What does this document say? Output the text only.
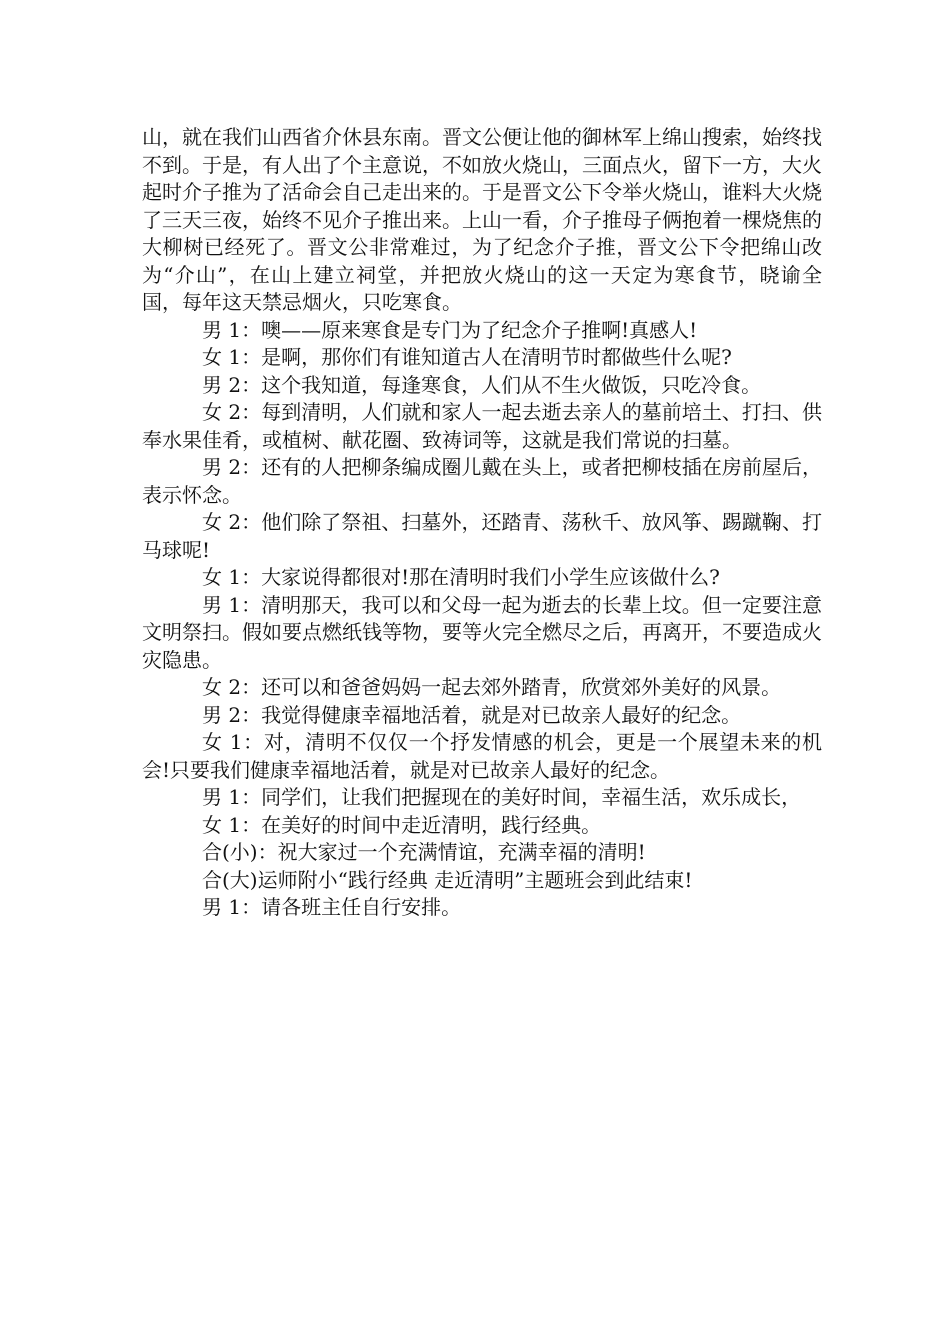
山，就在我们山西省介休县东南。晋文公便让他的御林军上绵山搜索，始终找不到。于是，有人出了个主意说，不如放火烧山，三面点火，留下一方，大火起时介子推为了活命会自己走出来的。于是晋文公下令举火烧山，谁料大火烧了三天三夜，始终不见介子推出来。上山一看，介子推母子俩抱着一棵烧焦的大柳树已经死了。晋文公非常难过，为了纪念介子推，晋文公下令把绵山改为“介山”，在山上建立祠堂，并把放火烧山的这一天定为寒食节，晓谕全国，每年这天禁忌烟火，只吃寒食。

男 1：噢——原来寒食是专门为了纪念介子推啊!真感人!

女 1：是啊，那你们有谁知道古人在清明节时都做些什么呢?

男 2：这个我知道，每逢寒食，人们从不生火做饭，只吃冷食。

女 2：每到清明，人们就和家人一起去逝去亲人的墓前培土、打扫、供奉水果佳肴，或植树、献花圈、致祷词等，这就是我们常说的扫墓。

男 2：还有的人把柳条编成圈儿戴在头上，或者把柳枝插在房前屋后，表示怀念。

女 2：他们除了祭祖、扫墓外，还踏青、荡秋千、放风筝、踢蹴鞠、打马球呢!

女 1：大家说得都很对!那在清明时我们小学生应该做什么?

男 1：清明那天，我可以和父母一起为逝去的长辈上坟。但一定要注意文明祭扫。假如要点燃纸钱等物，要等火完全燃尽之后，再离开，不要造成火灾隐患。

女 2：还可以和爸爸妈妈一起去郊外踏青，欣赏郊外美好的风景。

男 2：我觉得健康幸福地活着，就是对已故亲人最好的纪念。

女 1：对，清明不仅仅一个抒发情感的机会，更是一个展望未来的机会!只要我们健康幸福地活着，就是对已故亲人最好的纪念。

男 1：同学们，让我们把握现在的美好时间，幸福生活，欢乐成长，

女 1：在美好的时间中走近清明，践行经典。

合(小)：祝大家过一个充满情谊，充满幸福的清明!

合(大)运师附小“践行经典 走近清明”主题班会到此结束!

男 1：请各班主任自行安排。
